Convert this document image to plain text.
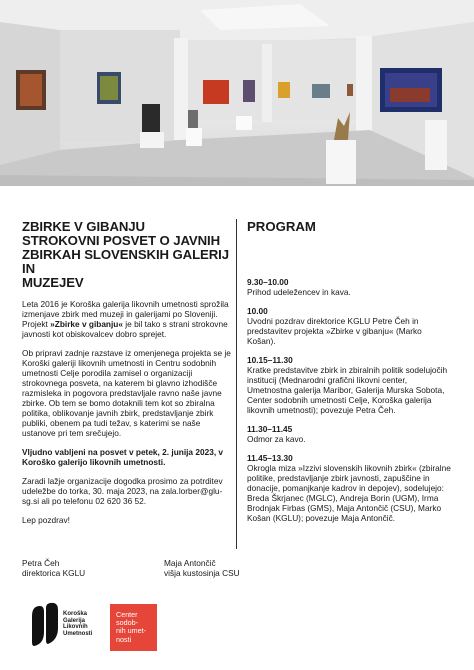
ZBIRKE V GIBANJU
STROKOVNI POSVET O JAVNIH
ZBIRKAH SLOVENSKIH GALERIJ IN
MUZEJEV

Leta 2016 je Koroška galerija likovnih umetnosti sprožila izmenjave zbirk med muzeji in galerijami po Sloveniji. Projekt »Zbirke v gibanju« je bil tako s strani strokovne javnosti kot obiskovalcev dobro sprejet.

Ob pripravi zadnje razstave iz omenjenega projekta se je Koroški galeriji likovnih umetnosti in Centru sodobnih umetnosti Celje porodila zamisel o organizaciji strokovnega posveta, na katerem bi glavno izhodišče razmisleka in pogovora predstavljale ravno naše javne zbirke. Ob tem se bomo dotaknili tem kot so zbiralna politika, oblikovanje javnih zbirk, predstavljanje zbirk publiki, obenem pa tudi težav, s katerimi se naše ustanove pri tem srečujejo.

Vljudno vabljeni na posvet v petek, 2. junija 2023, v Koroško galerijo likovnih umetnosti.

Zaradi lažje organizacije dogodka prosimo za potrditev udeležbe do torka, 30. maja 2023, na zala.lorber@glu-sg.si ali po telefonu 02 620 36 52.

Lep pozdrav!

PROGRAM
9.30–10.00
Prihod udeležencev in kava.
10.00
Uvodni pozdrav direktorice KGLU Petre Čeh in predstavitev projekta »Zbirke v gibanju« (Marko Košan).
10.15–11.30
Kratke predstavitve zbirk in zbiralnih politik sodelujočih institucij (Mednarodni grafični likovni center, Umetnostna galerija Maribor, Galerija Murska Sobota, Center sodobnih umetnosti Celje, Koroška galerija likovnih umetnosti); povezuje Petra Čeh.
11.30–11.45
Odmor za kavo.
11.45–13.30
Okrogla miza »Izzivi slovenskih likovnih zbirk« (zbiralne politike, predstavljanje zbirk javnosti, zapuščine in donacije, pomanjkanje kadrov in depojev), sodelujejo: Breda Škrjanec (MGLC), Andreja Borin (UGM), Irma Brodnjak Firbas (GMS), Maja Antončič (CSU), Marko Košan (KGLU); povezuje Maja Antončič.
Petra Čeh
direktorica KGLU
Maja Antončič
višja kustosinja CSU
Koroška
Galerija
Likovnih
Umetnosti
Center
sodob-
nih umet-
nosti
